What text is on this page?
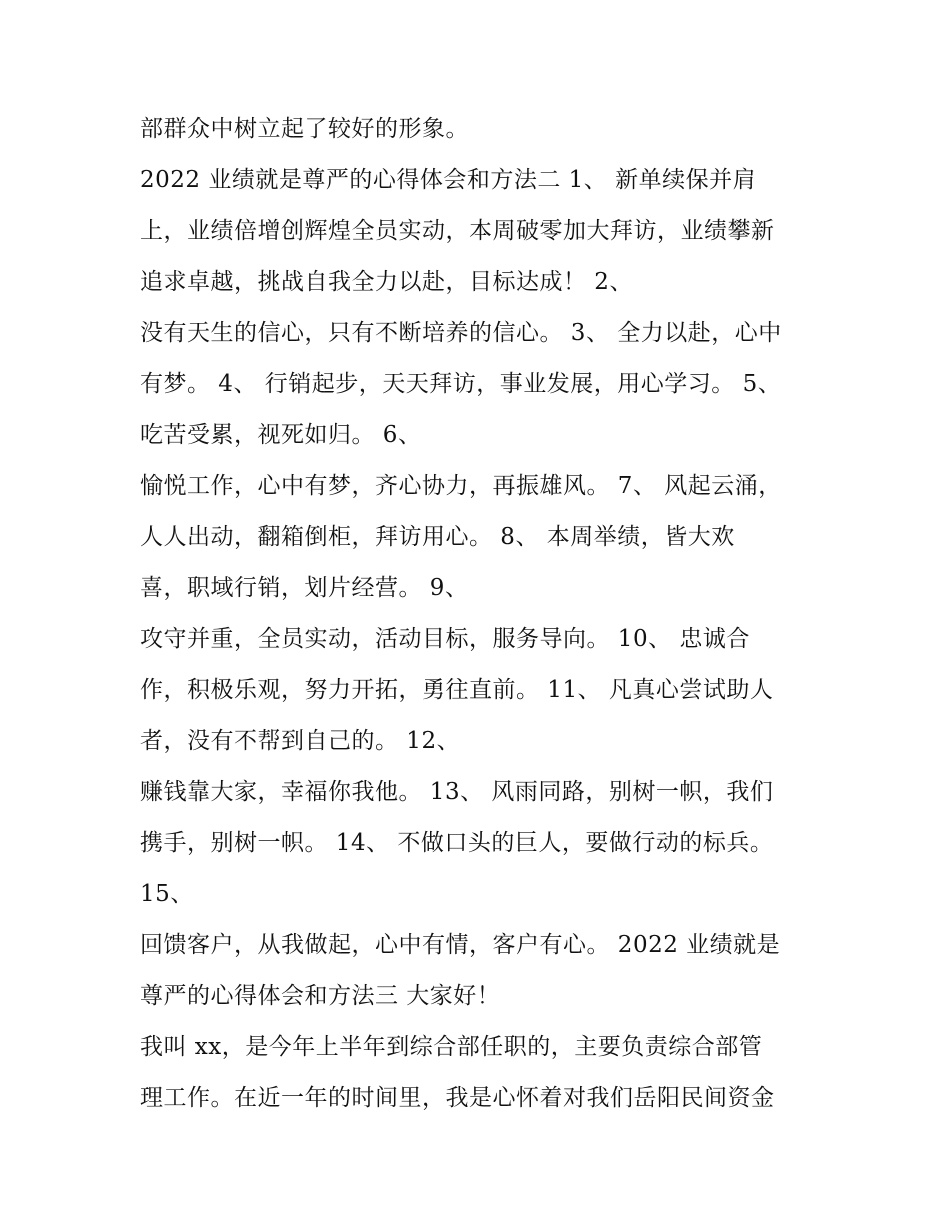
部群众中树立起了较好的形象。
2022 业绩就是尊严的心得体会和方法二 1、 新单续保并肩
上，业绩倍增创辉煌全员实动，本周破零加大拜访，业绩攀新
追求卓越，挑战自我全力以赴，目标达成！ 2、
没有天生的信心，只有不断培养的信心。 3、 全力以赴，心中
有梦。 4、 行销起步，天天拜访，事业发展，用心学习。 5、
吃苦受累，视死如归。 6、
愉悦工作，心中有梦，齐心协力，再振雄风。 7、 风起云涌，
人人出动，翻箱倒柜，拜访用心。 8、 本周举绩，皆大欢
喜，职域行销，划片经营。 9、
攻守并重，全员实动，活动目标，服务导向。 10、 忠诚合
作，积极乐观，努力开拓，勇往直前。 11、 凡真心尝试助人
者，没有不帮到自己的。 12、
赚钱靠大家，幸福你我他。 13、 风雨同路，别树一帜，我们
携手，别树一帜。 14、 不做口头的巨人，要做行动的标兵。
15、
回馈客户，从我做起，心中有情，客户有心。 2022 业绩就是
尊严的心得体会和方法三 大家好！
我叫 xx，是今年上半年到综合部任职的，主要负责综合部管
理工作。在近一年的时间里，我是心怀着对我们岳阳民间资金
